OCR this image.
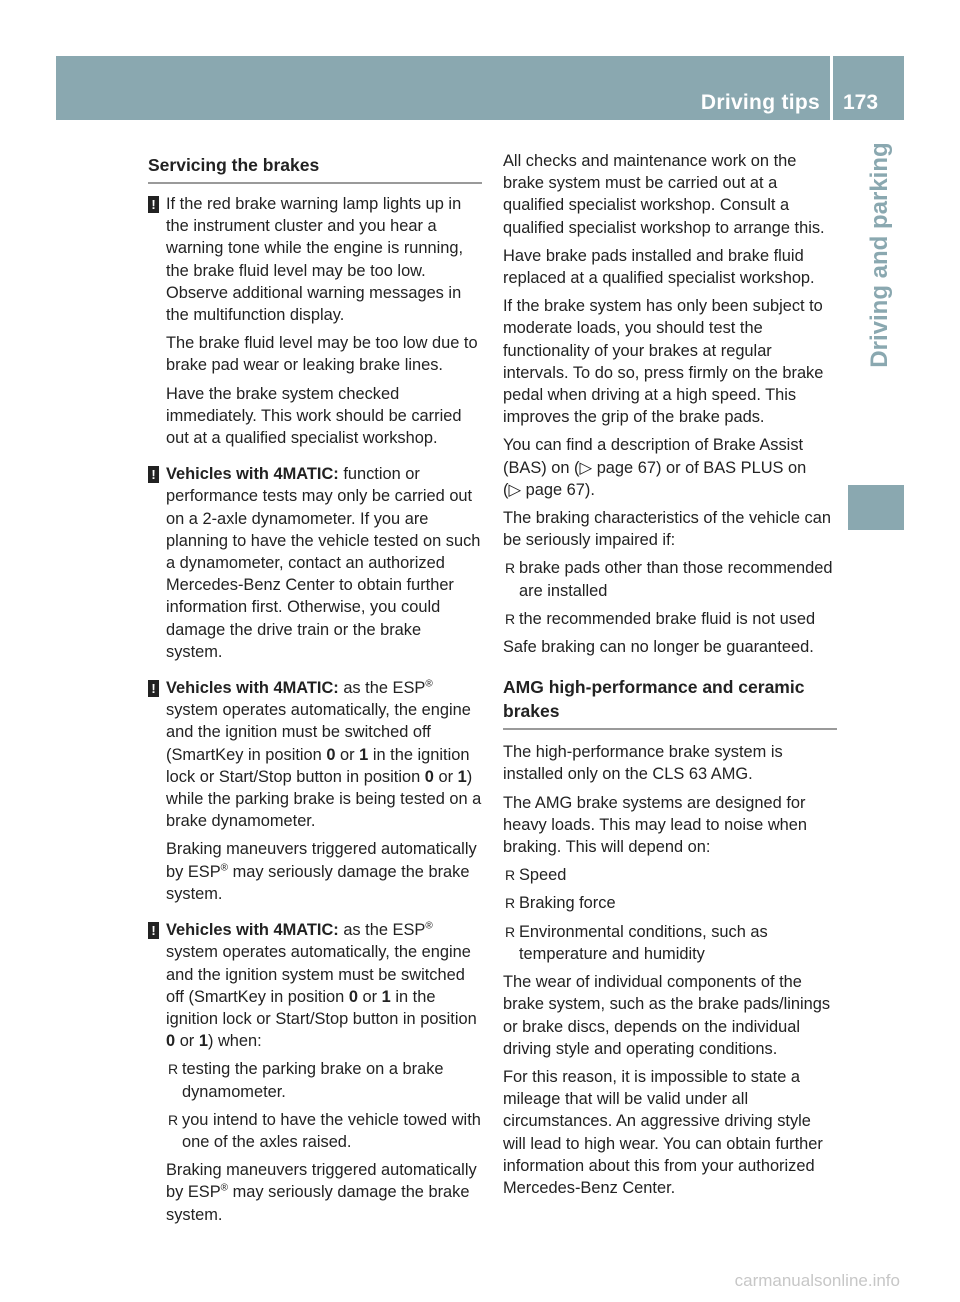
Driving tips 173
Driving and parking
Servicing the brakes
! If the red brake warning lamp lights up in the instrument cluster and you hear a warning tone while the engine is running, the brake fluid level may be too low. Observe additional warning messages in the multifunction display.

The brake fluid level may be too low due to brake pad wear or leaking brake lines.

Have the brake system checked immediately. This work should be carried out at a qualified specialist workshop.

! Vehicles with 4MATIC: function or performance tests may only be carried out on a 2-axle dynamometer. If you are planning to have the vehicle tested on such a dynamometer, contact an authorized Mercedes-Benz Center to obtain further information first. Otherwise, you could damage the drive train or the brake system.

! Vehicles with 4MATIC: as the ESP® system operates automatically, the engine and the ignition must be switched off (SmartKey in position 0 or 1 in the ignition lock or Start/Stop button in position 0 or 1) while the parking brake is being tested on a brake dynamometer.

Braking maneuvers triggered automatically by ESP® may seriously damage the brake system.

! Vehicles with 4MATIC: as the ESP® system operates automatically, the engine and the ignition system must be switched off (SmartKey in position 0 or 1 in the ignition lock or Start/Stop button in position 0 or 1) when:

R testing the parking brake on a brake dynamometer.
R you intend to have the vehicle towed with one of the axles raised.

Braking maneuvers triggered automatically by ESP® may seriously damage the brake system.

All checks and maintenance work on the brake system must be carried out at a qualified specialist workshop. Consult a qualified specialist workshop to arrange this.

Have brake pads installed and brake fluid replaced at a qualified specialist workshop.

If the brake system has only been subject to moderate loads, you should test the functionality of your brakes at regular intervals. To do so, press firmly on the brake pedal when driving at a high speed. This improves the grip of the brake pads.

You can find a description of Brake Assist (BAS) on (▷ page 67) or of BAS PLUS on
(▷ page 67).

The braking characteristics of the vehicle can be seriously impaired if:

R brake pads other than those recommended are installed
R the recommended brake fluid is not used

Safe braking can no longer be guaranteed.

AMG high-performance and ceramic brakes

The high-performance brake system is installed only on the CLS 63 AMG.

The AMG brake systems are designed for heavy loads. This may lead to noise when braking. This will depend on:

R Speed
R Braking force
R Environmental conditions, such as temperature and humidity

The wear of individual components of the brake system, such as the brake pads/linings or brake discs, depends on the individual driving style and operating conditions.

For this reason, it is impossible to state a mileage that will be valid under all circumstances. An aggressive driving style will lead to high wear. You can obtain further information about this from your authorized Mercedes-Benz Center.

carmanualsonline.info
